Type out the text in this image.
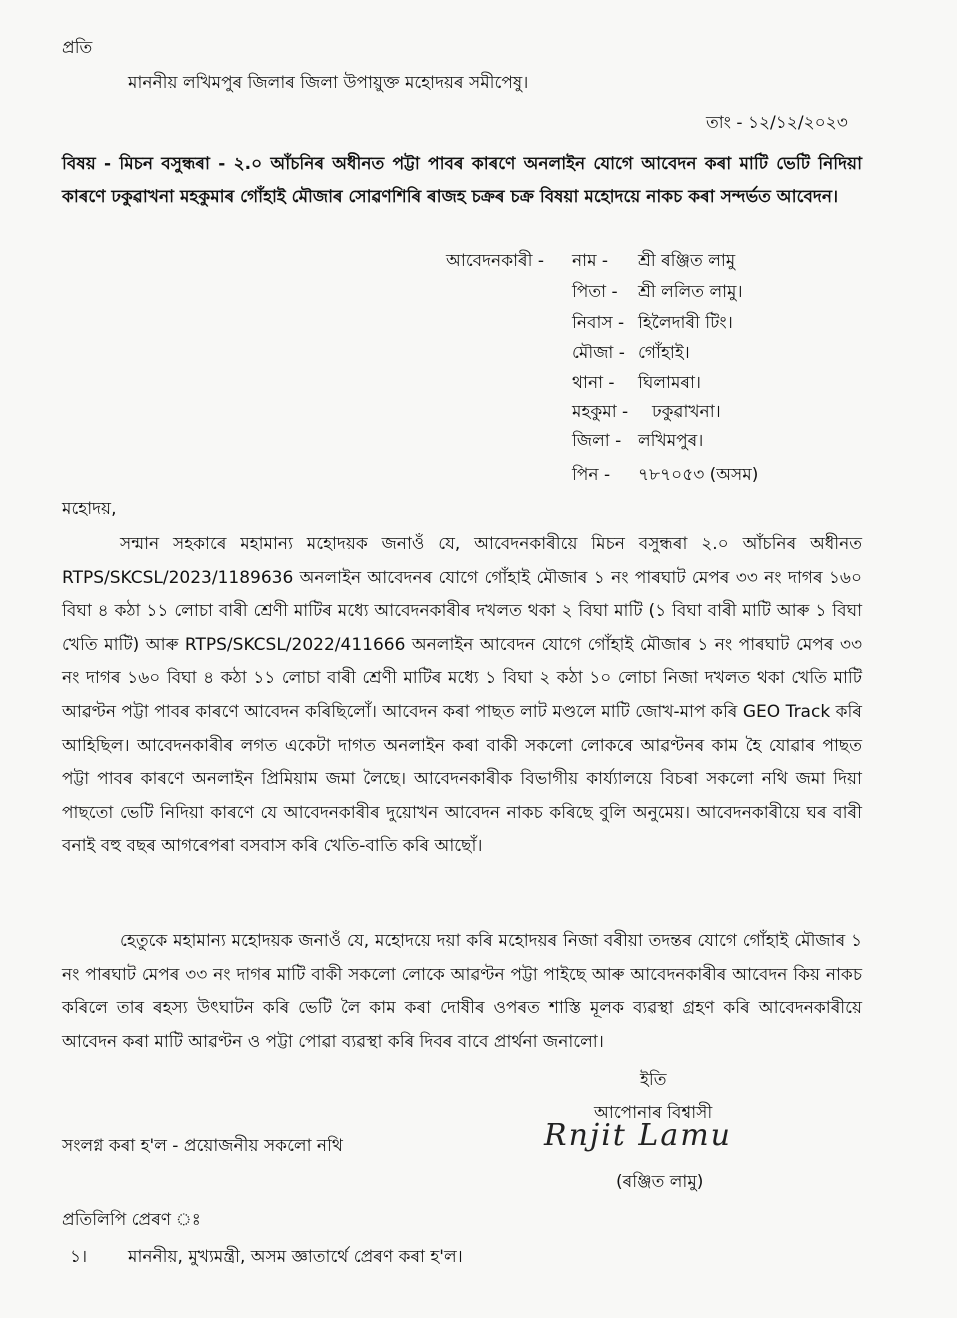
প্ৰতি
মাননীয় লখিমপুৰ জিলাৰ জিলা উপায়ুক্ত মহোদয়ৰ সমীপেষু।
তাং - ১২/১২/২০২৩
বিষয় - মিচন বসুন্ধৰা - ২.০ আঁচনিৰ অধীনত পট্টা পাবৰ কাৰণে অনলাইন যোগে আবেদন কৰা মাটি ভেটি নিদিয়া কাৰণে ঢকুৱাখনা মহকুমাৰ গোঁহাই মৌজাৰ সোৱণশিৰি ৰাজহ চক্ৰৰ চক্ৰ বিষয়া মহোদয়ে নাকচ কৰা সন্দৰ্ভত আবেদন।
আবেদনকাৰী - নাম - শ্ৰী ৰঞ্জিত লামু
পিতা - শ্ৰী ললিত লামু।
নিবাস - হিলৈদাৰী টিং।
মৌজা - গোঁহাই।
থানা - ঘিলামৰা।
মহকুমা - ঢকুৱাখনা।
জিলা - লখিমপুৰ।
পিন - ৭৮৭০৫৩ (অসম)
মহোদয়,
সন্মান সহকাৰে মহামান্য মহোদয়ক জনাওঁ যে, আবেদনকাৰীয়ে মিচন বসুন্ধৰা ২.০ আঁচনিৰ অধীনত RTPS/SKCSL/2023/1189636 অনলাইন আবেদনৰ যোগে গোঁহাই মৌজাৰ ১ নং পাৰঘাট মেপৰ ৩৩ নং দাগৰ ১৬০ বিঘা ৪ কঠা ১১ লোচা বাৰী শ্ৰেণী মাটিৰ মধ্যে আবেদনকাৰীৰ দখলত থকা ২ বিঘা মাটি (১ বিঘা বাৰী মাটি আৰু ১ বিঘা খেতি মাটি) আৰু RTPS/SKCSL/2022/411666 অনলাইন আবেদন যোগে গোঁহাই মৌজাৰ ১ নং পাৰঘাট মেপৰ ৩৩ নং দাগৰ ১৬০ বিঘা ৪ কঠা ১১ লোচা বাৰী শ্ৰেণী মাটিৰ মধ্যে ১ বিঘা ২ কঠা ১০ লোচা নিজা দখলত থকা খেতি মাটি আৱণ্টন পট্টা পাবৰ কাৰণে আবেদন কৰিছিলোঁ। আবেদন কৰা পাছত লাট মণ্ডলে মাটি জোখ-মাপ কৰি GEO Track কৰি আহিছিল। আবেদনকাৰীৰ লগত একেটা দাগত অনলাইন কৰা বাকী সকলো লোকৰে আৱণ্টনৰ কাম হৈ যোৱাৰ পাছত পট্টা পাবৰ কাৰণে অনলাইন প্ৰিমিয়াম জমা লৈছে। আবেদনকাৰীক বিভাগীয় কাৰ্য্যালয়ে বিচৰা সকলো নথি জমা দিয়া পাছতো ভেটি নিদিয়া কাৰণে যে আবেদনকাৰীৰ দুয়োখন আবেদন নাকচ কৰিছে বুলি অনুমেয়। আবেদনকাৰীয়ে ঘৰ বাৰী বনাই বহু বছৰ আগৰেপৰা বসবাস কৰি খেতি-বাতি কৰি আছোঁ।
হেতুকে মহামান্য মহোদয়ক জনাওঁ যে, মহোদয়ে দয়া কৰি মহোদয়ৰ নিজা বৰীয়া তদন্তৰ যোগে গোঁহাই মৌজাৰ ১ নং পাৰঘাট মেপৰ ৩৩ নং দাগৰ মাটি বাকী সকলো লোকে আৱণ্টন পট্টা পাইছে আৰু আবেদনকাৰীৰ আবেদন কিয় নাকচ কৰিলে তাৰ ৰহস্য উৎঘাটন কৰি ভেটি লৈ কাম কৰা দোষীৰ ওপৰত শাস্তি মূলক ব্যৱস্থা গ্ৰহণ কৰি আবেদনকাৰীয়ে আবেদন কৰা মাটি আৱণ্টন ও পট্টা পোৱা ব্যৱস্থা কৰি দিবৰ বাবে প্ৰাৰ্থনা জনালো।
ইতি
আপোনাৰ বিশ্বাসী
Rnjit Lamu
(ৰঞ্জিত লামু)
সংলগ্ন কৰা হ'ল - প্ৰয়োজনীয় সকলো নথি
প্ৰতিলিপি প্ৰেৰণ ঃ
১। মাননীয়, মুখ্যমন্ত্ৰী, অসম জ্ঞাতাৰ্থে প্ৰেৰণ কৰা হ'ল।
